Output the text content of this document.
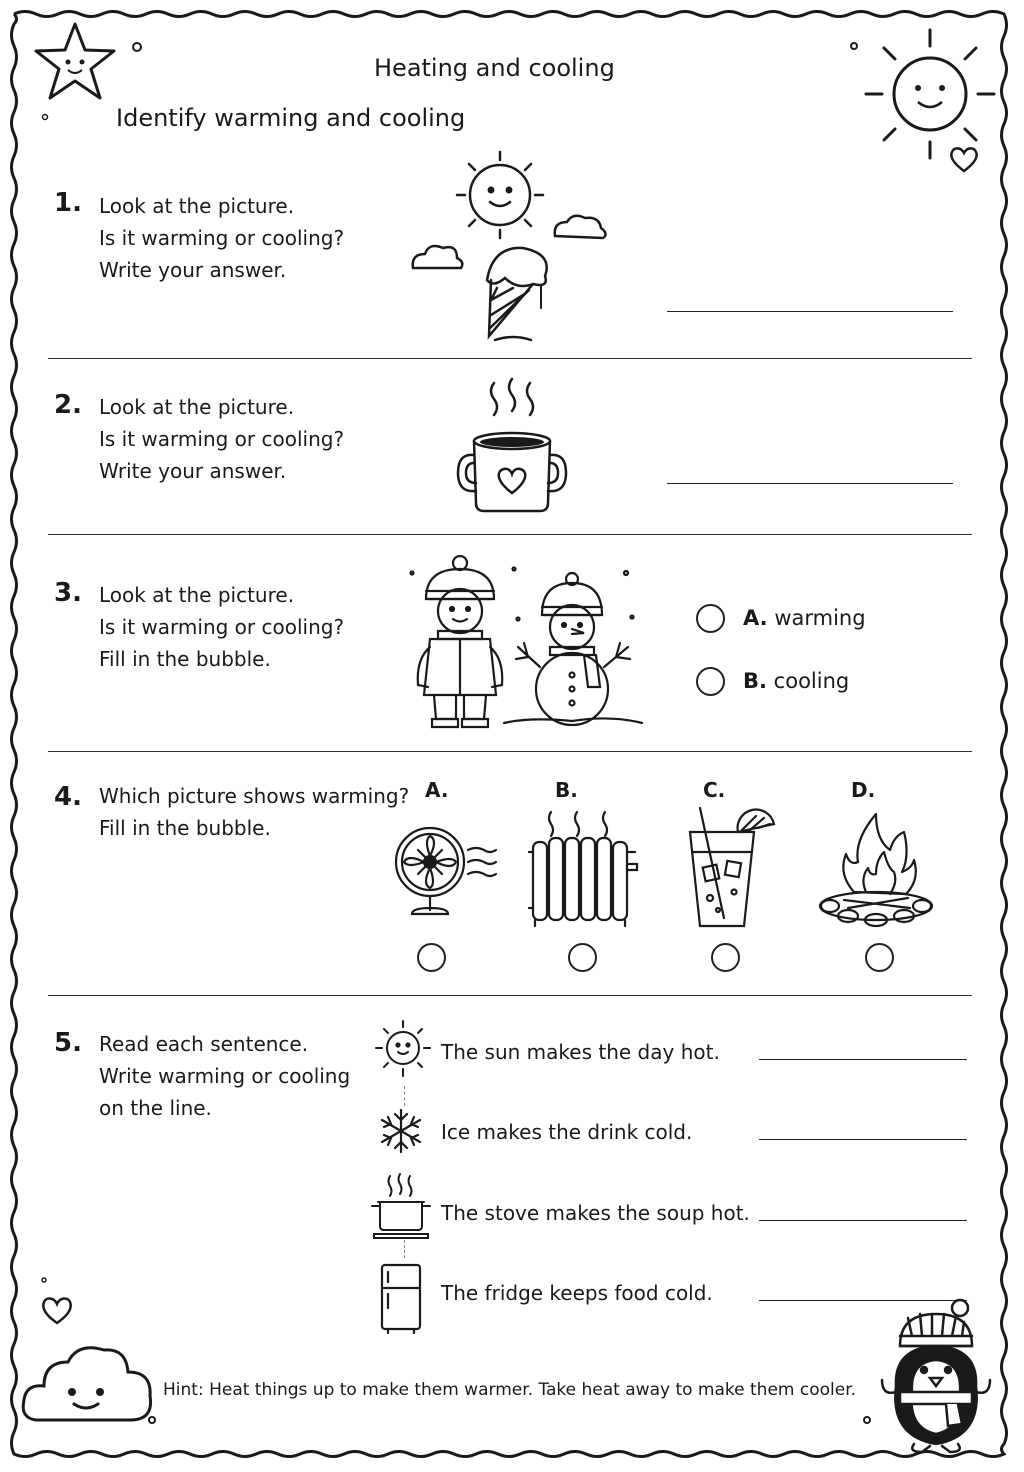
Heating and cooling
Identify warming and cooling
1. Look at the picture.
Is it warming or cooling?
Write your answer.
2. Look at the picture.
Is it warming or cooling?
Write your answer.
3. Look at the picture.
Is it warming or cooling?
Fill in the bubble.
A. warming
B. cooling
4. Which picture shows warming?
Fill in the bubble.
A.	B.	C.	D.
5. Read each sentence.
Write warming or cooling
on the line.
The sun makes the day hot.
Ice makes the drink cold.
The stove makes the soup hot.
The fridge keeps food cold.
Hint: Heat things up to make them warmer. Take heat away to make them cooler.
